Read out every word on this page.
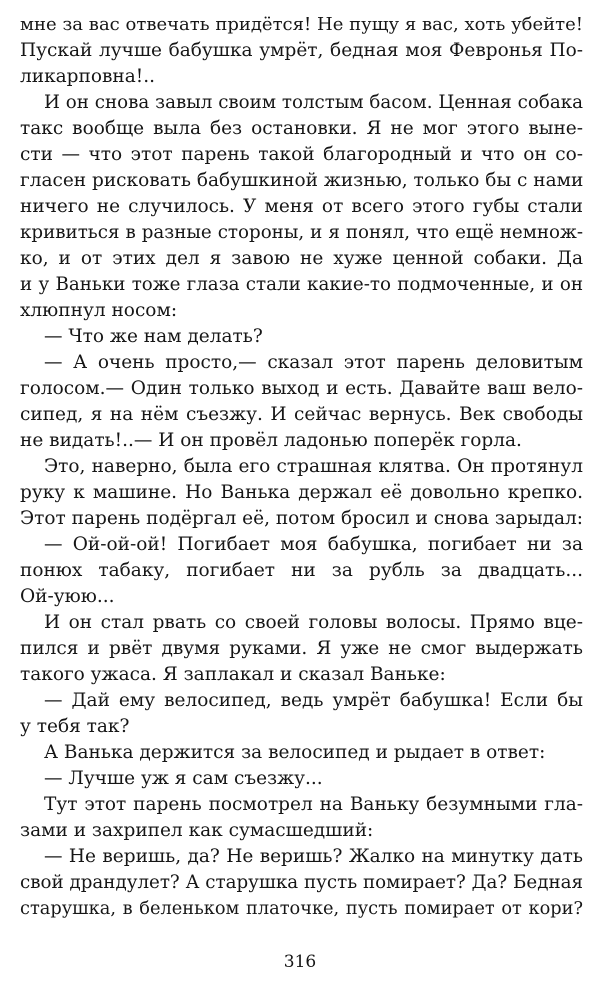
мне за вас отвечать придётся! Не пущу я вас, хоть убейте!
Пускай лучше бабушка умрёт, бедная моя Февронья По-
ликарповна!..
И он снова завыл своим толстым басом. Ценная собака
такс вообще выла без остановки. Я не мог этого выне-
сти — что этот парень такой благородный и что он со-
гласен рисковать бабушкиной жизнью, только бы с нами
ничего не случилось. У меня от всего этого губы стали
кривиться в разные стороны, и я понял, что ещё немнож-
ко, и от этих дел я завою не хуже ценной собаки. Да
и у Ваньки тоже глаза стали какие-то подмоченные, и он
хлюпнул носом:
— Что же нам делать?
— А очень просто,— сказал этот парень деловитым
голосом.— Один только выход и есть. Давайте ваш вело-
сипед, я на нём съезжу. И сейчас вернусь. Век свободы
не видать!..— И он провёл ладонью поперёк горла.
Это, наверно, была его страшная клятва. Он протянул
руку к машине. Но Ванька держал её довольно крепко.
Этот парень подёргал её, потом бросил и снова зарыдал:
— Ой-ой-ой! Погибает моя бабушка, погибает ни за
понюх табаку, погибает ни за рубль за двадцать...
Ой-уюю...
И он стал рвать со своей головы волосы. Прямо вце-
пился и рвёт двумя руками. Я уже не смог выдержать
такого ужаса. Я заплакал и сказал Ваньке:
— Дай ему велосипед, ведь умрёт бабушка! Если бы
у тебя так?
А Ванька держится за велосипед и рыдает в ответ:
— Лучше уж я сам съезжу...
Тут этот парень посмотрел на Ваньку безумными гла-
зами и захрипел как сумасшедший:
— Не веришь, да? Не веришь? Жалко на минутку дать
свой драндулет? А старушка пусть помирает? Да? Бедная
старушка, в беленьком платочке, пусть помирает от кори?
316
